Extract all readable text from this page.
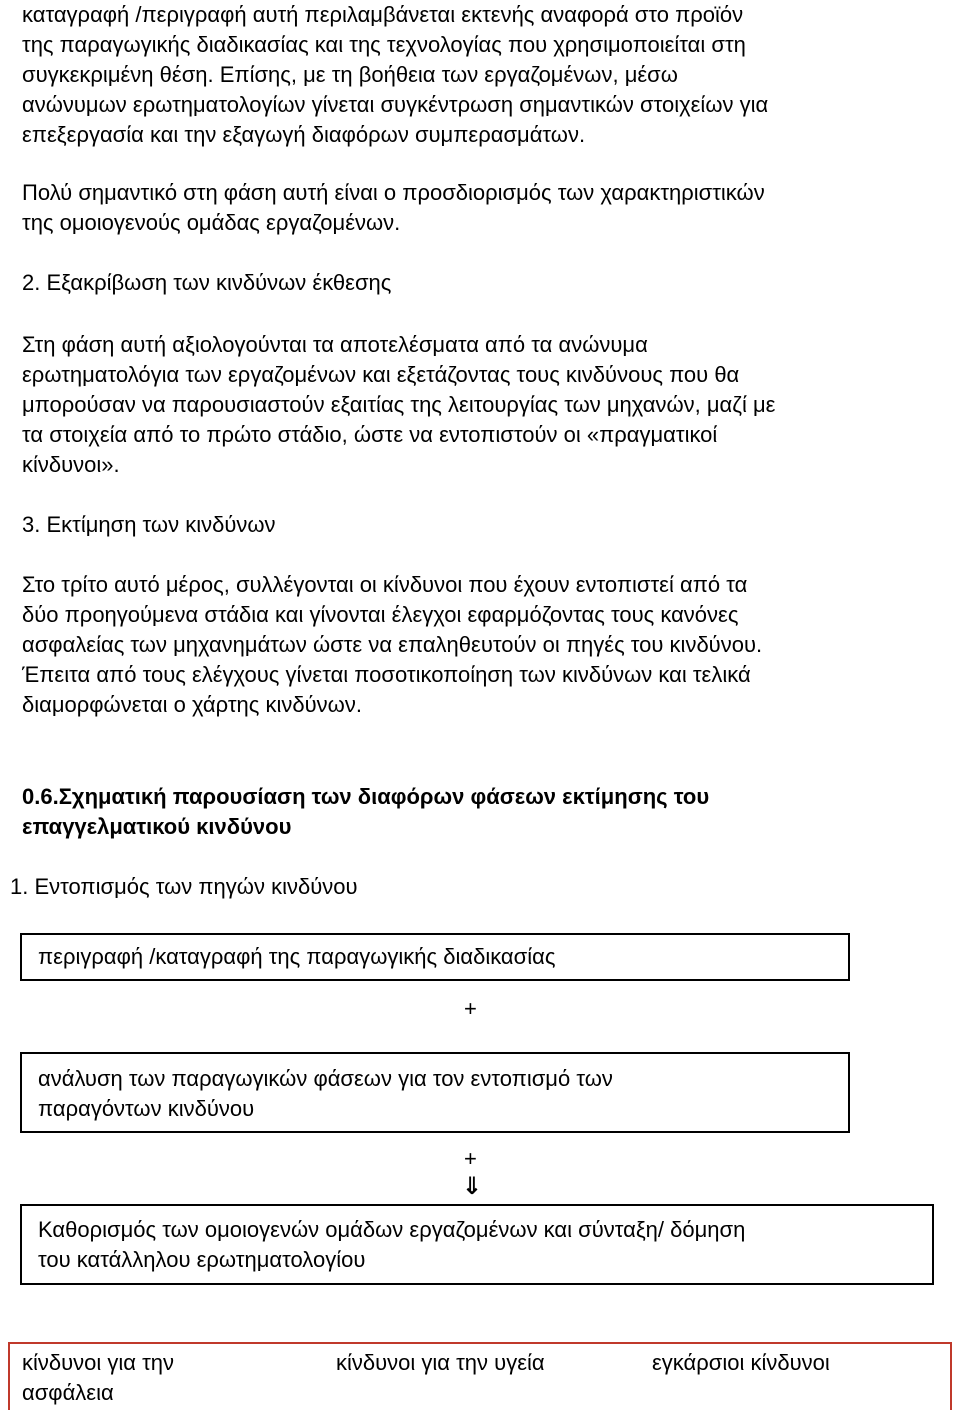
καταγραφή /περιγραφή αυτή περιλαμβάνεται εκτενής αναφορά στο προϊόν
της παραγωγικής διαδικασίας και της τεχνολογίας που χρησιμοποιείται στη
συγκεκριμένη θέση. Επίσης, με τη βοήθεια των εργαζομένων, μέσω
ανώνυμων ερωτηματολογίων γίνεται συγκέντρωση σημαντικών στοιχείων για
επεξεργασία και την εξαγωγή διαφόρων συμπερασμάτων.
Πολύ σημαντικό στη φάση αυτή είναι ο προσδιορισμός των χαρακτηριστικών
της ομοιογενούς ομάδας εργαζομένων.
2. Εξακρίβωση των κινδύνων έκθεσης
Στη φάση αυτή αξιολογούνται τα αποτελέσματα από τα ανώνυμα
ερωτηματολόγια των εργαζομένων και εξετάζοντας τους κινδύνους που θα
μπορούσαν να παρουσιαστούν εξαιτίας της λειτουργίας των μηχανών, μαζί με
τα στοιχεία από το πρώτο στάδιο, ώστε να εντοπιστούν οι «πραγματικοί
κίνδυνοι».
3. Εκτίμηση των κινδύνων
Στο τρίτο αυτό μέρος, συλλέγονται οι κίνδυνοι που έχουν εντοπιστεί από τα
δύο προηγούμενα στάδια και γίνονται έλεγχοι εφαρμόζοντας τους κανόνες
ασφαλείας των μηχανημάτων ώστε να επαληθευτούν οι πηγές του κινδύνου.
Έπειτα από τους ελέγχους γίνεται ποσοτικοποίηση των κινδύνων και τελικά
διαμορφώνεται ο χάρτης κινδύνων.
0.6.Σχηματική παρουσίαση των διαφόρων φάσεων εκτίμησης του
επαγγελματικού κινδύνου
1. Εντοπισμός των πηγών κινδύνου
περιγραφή /καταγραφή της παραγωγικής διαδικασίας
+
ανάλυση των παραγωγικών φάσεων για τον εντοπισμό των
παραγόντων κινδύνου
+
⇓
Καθορισμός των ομοιογενών ομάδων εργαζομένων και σύνταξη/ δόμηση
του κατάλληλου ερωτηματολογίου
κίνδυνοι για την
ασφάλεια
κίνδυνοι για την υγεία	εγκάρσιοι κίνδυνοι
